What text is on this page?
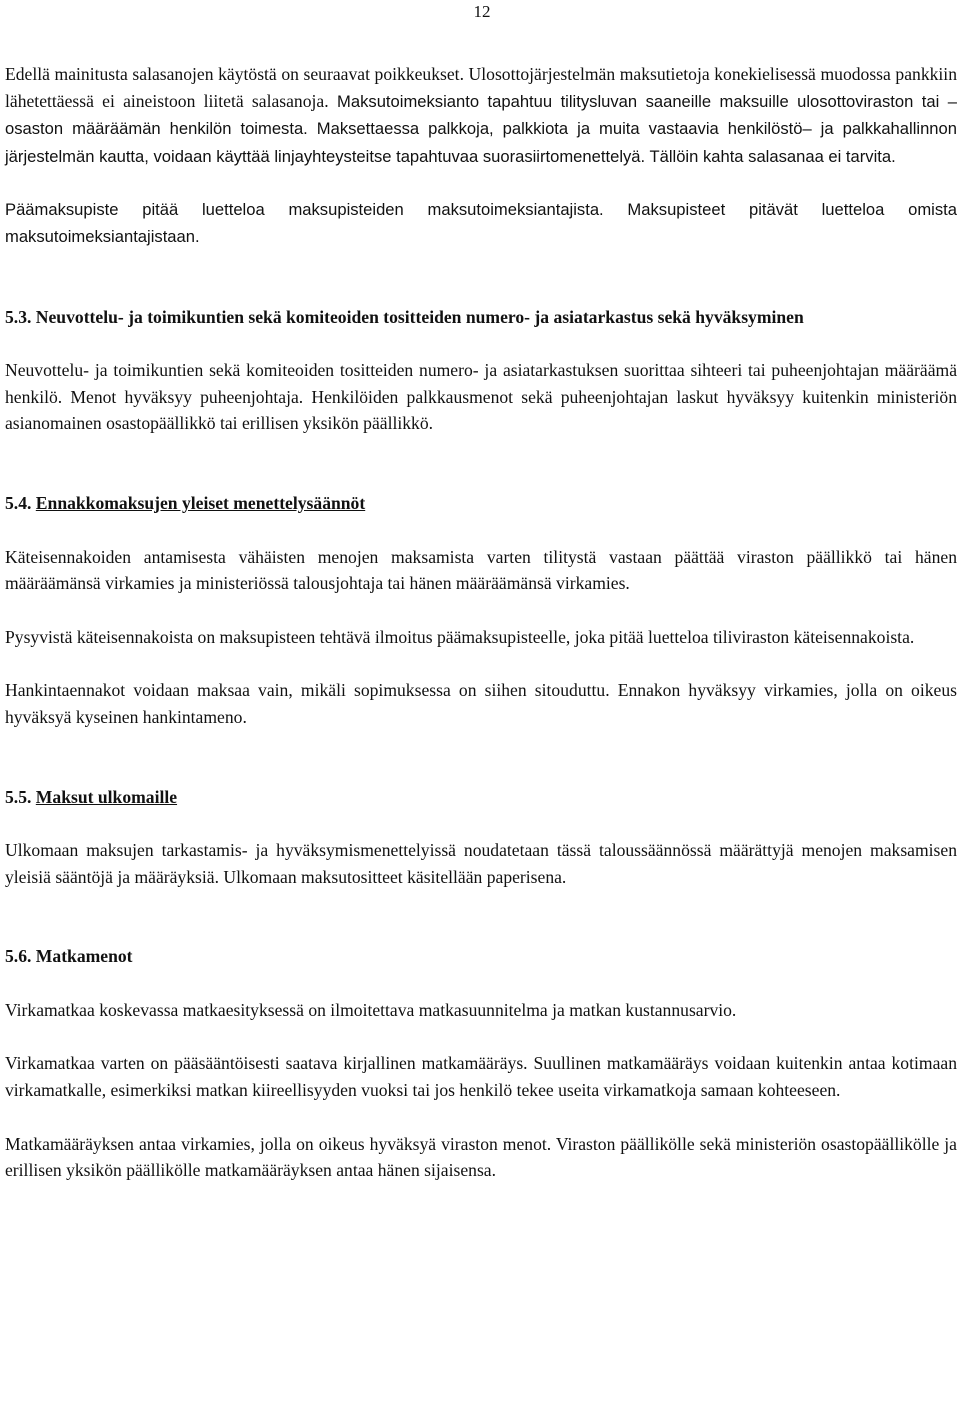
12

Edellä mainitusta salasanojen käytöstä on seuraavat poikkeukset. Ulosottojärjestelmän maksutietoja konekielisessä muodossa pankkiin lähetettäessä ei aineistoon liitetä salasanoja. Maksutoimeksianto tapahtuu tilitysluvan saaneille maksuille ulosottoviraston tai – osaston määräämän henkilön toimesta. Maksettaessa palkkoja, palkkiota ja muita vastaavia henkilöstö– ja palkkahallinnon järjestelmän kautta, voidaan käyttää linjayhteysteitse tapahtuvaa suorasiirtomenettelyä. Tällöin kahta salasanaa ei tarvita.

Päämaksupiste pitää luetteloa maksupisteiden maksutoimeksiantajista. Maksupisteet pitävät luetteloa omista maksutoimeksiantajistaan.

5.3. Neuvottelu- ja toimikuntien sekä komiteoiden tositteiden numero- ja asiatarkastus sekä hyväksyminen

Neuvottelu- ja toimikuntien sekä komiteoiden tositteiden numero- ja asiatarkastuksen suorittaa sihteeri tai puheenjohtajan määräämä henkilö. Menot hyväksyy puheenjohtaja. Henkilöiden palkkausmenot sekä puheenjohtajan laskut hyväksyy kuitenkin ministeriön asianomainen osastopäällikkö tai erillisen yksikön päällikkö.

5.4. Ennakkomaksujen yleiset menettelysäännöt

Käteisennakoiden antamisesta vähäisten menojen maksamista varten tilitystä vastaan päättää viraston päällikkö tai hänen määräämänsä virkamies ja ministeriössä talousjohtaja tai hänen määräämänsä virkamies.

Pysyvistä käteisennakoista on maksupisteen tehtävä ilmoitus päämaksupisteelle, joka pitää luetteloa tiliviraston käteisennakoista.

Hankintaennakot voidaan maksaa vain, mikäli sopimuksessa on siihen sitouduttu. Ennakon hyväksyy virkamies, jolla on oikeus hyväksyä kyseinen hankintameno.

5.5. Maksut ulkomaille

Ulkomaan maksujen tarkastamis- ja hyväksymismenettelyissä noudatetaan tässä taloussäännössä määrättyjä menojen maksamisen yleisiä sääntöjä ja määräyksiä. Ulkomaan maksutositteet käsitellään paperisena.

5.6. Matkamenot

Virkamatkaa koskevassa matkaesityksessä on ilmoitettava matkasuunnitelma ja matkan kustannusarvio.

Virkamatkaa varten on pääsääntöisesti saatava kirjallinen matkamääräys. Suullinen matkamääräys voidaan kuitenkin antaa kotimaan virkamatkalle, esimerkiksi matkan kiireellisyyden vuoksi tai jos henkilö tekee useita virkamatkoja samaan kohteeseen.

Matkamääräyksen antaa virkamies, jolla on oikeus hyväksyä viraston menot. Viraston päällikölle sekä ministeriön osastopäällikölle ja erillisen yksikön päällikölle matkamääräyksen antaa hänen sijaisensa.
